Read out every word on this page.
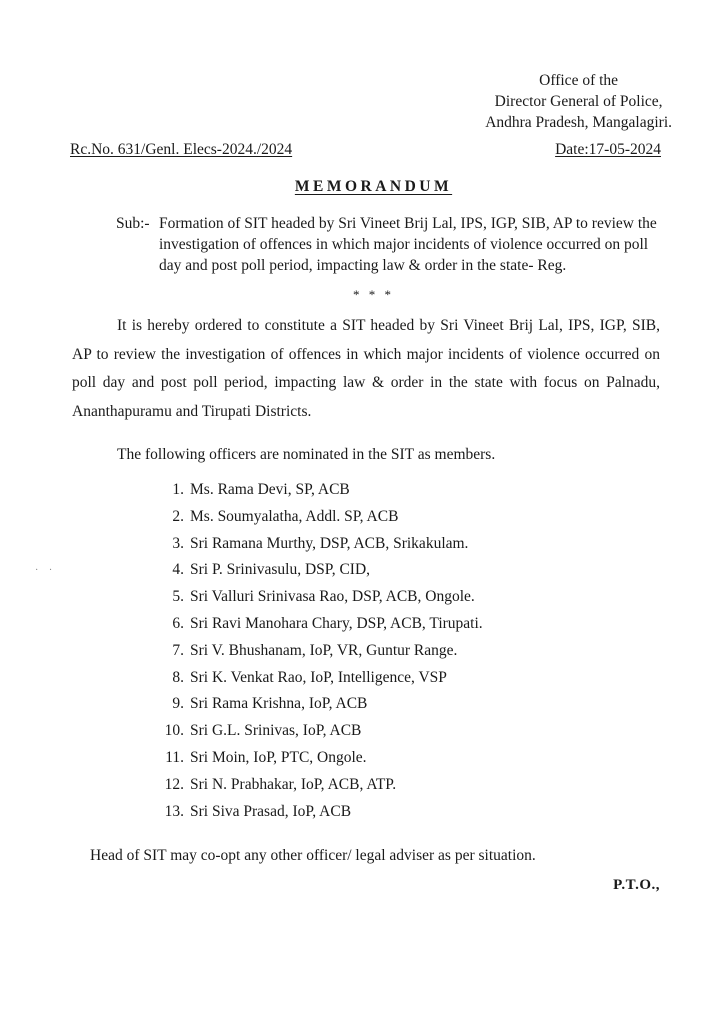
Office of the
Director General of Police,
Andhra Pradesh, Mangalagiri.
Rc.No. 631/Genl. Elecs-2024./2024	Date:17-05-2024
MEMORANDUM
Sub:- Formation of SIT headed by Sri Vineet Brij Lal, IPS, IGP, SIB, AP to review the investigation of offences in which major incidents of violence occurred on poll day and post poll period, impacting law & order in the state- Reg.
* * *
It is hereby ordered to constitute a SIT headed by Sri Vineet Brij Lal, IPS, IGP, SIB, AP to review the investigation of offences in which major incidents of violence occurred on poll day and post poll period, impacting law & order in the state with focus on Palnadu, Ananthapuramu and Tirupati Districts.
The following officers are nominated in the SIT as members.
1. Ms. Rama Devi, SP, ACB
2. Ms. Soumyalatha, Addl. SP, ACB
3. Sri Ramana Murthy, DSP, ACB, Srikakulam.
4. Sri P. Srinivasulu, DSP, CID,
5. Sri Valluri Srinivasa Rao, DSP, ACB, Ongole.
6. Sri Ravi Manohara Chary, DSP, ACB, Tirupati.
7. Sri V. Bhushanam, IoP, VR, Guntur Range.
8. Sri K. Venkat Rao, IoP, Intelligence, VSP
9. Sri Rama Krishna, IoP, ACB
10. Sri G.L. Srinivas, IoP, ACB
11. Sri Moin, IoP, PTC, Ongole.
12. Sri N. Prabhakar, IoP, ACB, ATP.
13. Sri Siva Prasad, IoP, ACB
Head of SIT may co-opt any other officer/ legal adviser as per situation.
P.T.O.,
· ·
